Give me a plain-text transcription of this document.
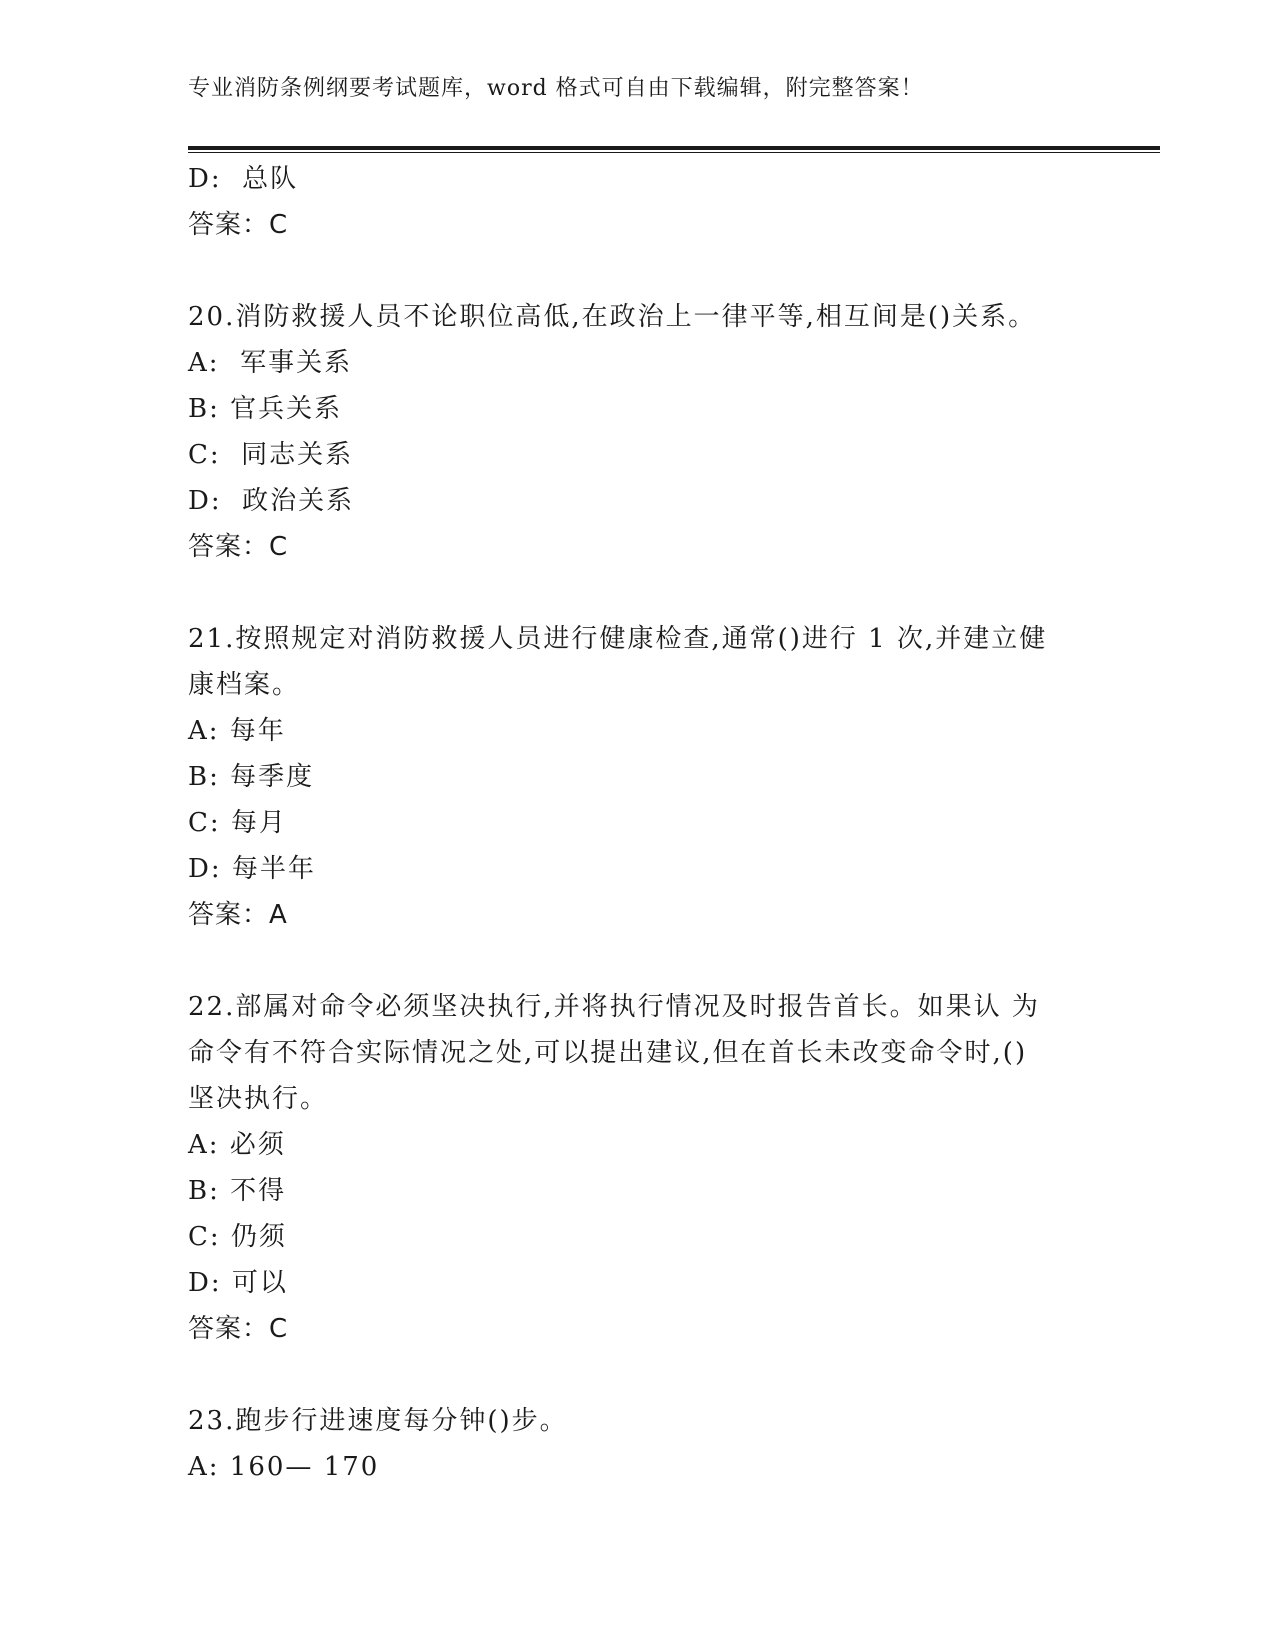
专业消防条例纲要考试题库，word 格式可自由下载编辑，附完整答案！
D:  总队
答案：C
20.消防救援人员不论职位高低,在政治上一律平等,相互间是()关系。
A:  军事关系
B: 官兵关系
C:  同志关系
D:  政治关系
答案：C
21.按照规定对消防救援人员进行健康检查,通常()进行 1 次,并建立健
康档案。
A: 每年
B: 每季度
C: 每月
D: 每半年
答案：A
22.部属对命令必须坚决执行,并将执行情况及时报告首长。如果认 为
命令有不符合实际情况之处,可以提出建议,但在首长未改变命令时,()
坚决执行。
A: 必须
B: 不得
C: 仍须
D: 可以
答案：C
23.跑步行进速度每分钟()步。
A: 160— 170
